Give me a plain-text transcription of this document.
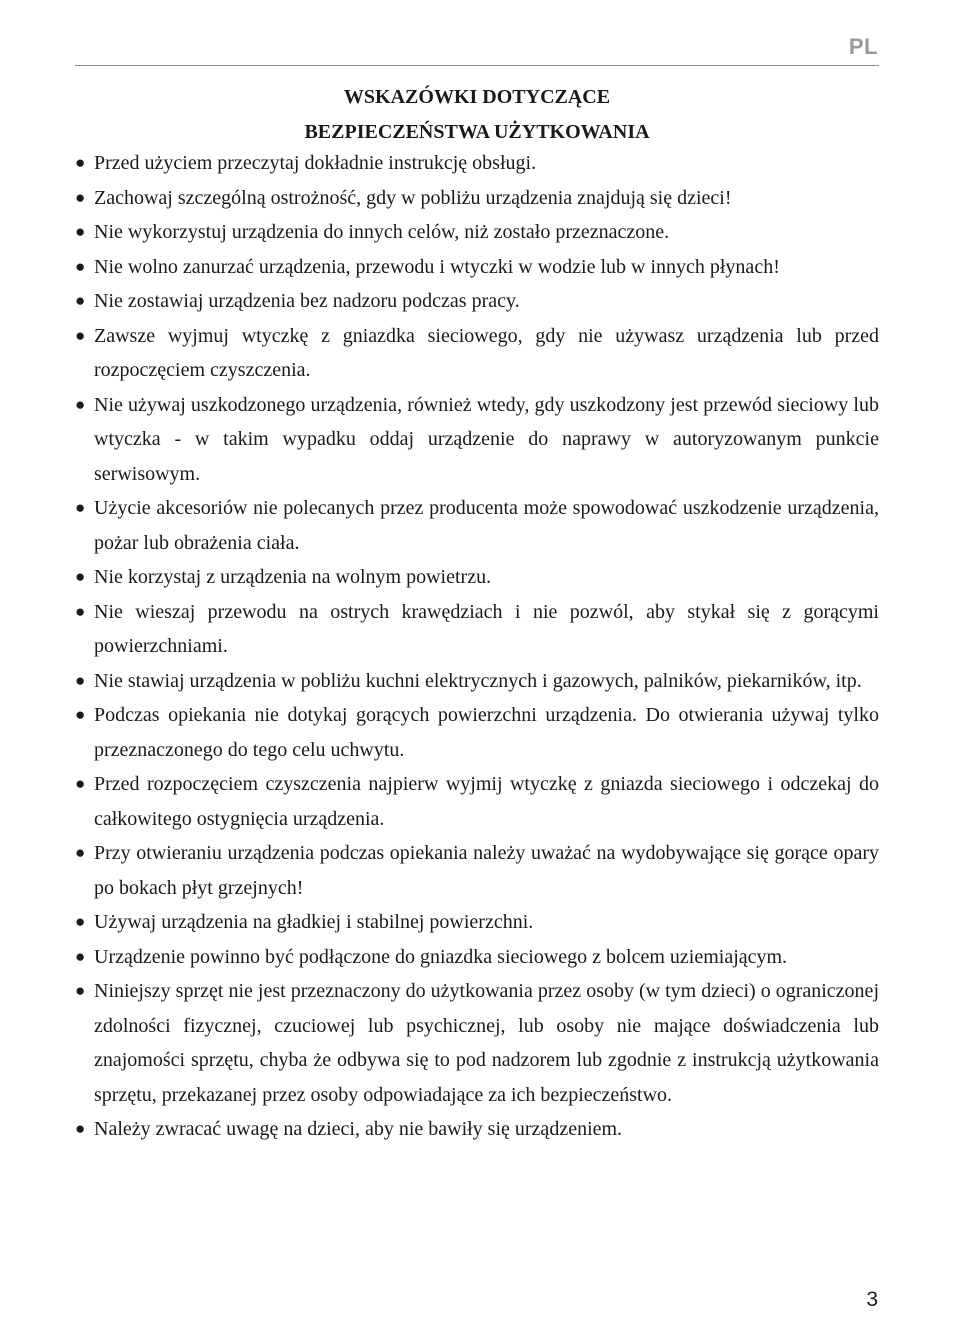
PL
WSKAZÓWKI DOTYCZĄCE
BEZPIECZEŃSTWA UŻYTKOWANIA
● Przed użyciem przeczytaj dokładnie instrukcję obsługi.
● Zachowaj szczególną ostrożność, gdy w pobliżu urządzenia znajdują się dzieci!
● Nie wykorzystuj urządzenia do innych celów, niż zostało przeznaczone.
● Nie wolno zanurzać urządzenia, przewodu i wtyczki w wodzie lub w innych płynach!
● Nie zostawiaj urządzenia bez nadzoru podczas pracy.
● Zawsze wyjmuj wtyczkę z gniazdka sieciowego, gdy nie używasz urządzenia lub przed rozpoczęciem czyszczenia.
● Nie używaj uszkodzonego urządzenia, również wtedy, gdy uszkodzony jest przewód sieciowy lub wtyczka - w takim wypadku oddaj urządzenie do naprawy w autoryzowanym punkcie serwisowym.
● Użycie akcesoriów nie polecanych przez producenta może spowodować uszkodzenie urządzenia, pożar lub obrażenia ciała.
● Nie korzystaj z urządzenia na wolnym powietrzu.
● Nie wieszaj przewodu na ostrych krawędziach i nie pozwól, aby stykał się z gorącymi powierzchniami.
● Nie stawiaj urządzenia w pobliżu kuchni elektrycznych i gazowych, palników, piekarników, itp.
● Podczas opiekania nie dotykaj gorących powierzchni urządzenia. Do otwierania używaj tylko przeznaczonego do tego celu uchwytu.
● Przed rozpoczęciem czyszczenia najpierw wyjmij wtyczkę z gniazda sieciowego i odczekaj do całkowitego ostygnięcia urządzenia.
● Przy otwieraniu urządzenia podczas opiekania należy uważać na wydobywające się gorące opary po bokach płyt grzejnych!
● Używaj urządzenia na gładkiej i stabilnej powierzchni.
● Urządzenie powinno być podłączone do gniazdka sieciowego z bolcem uziemiającym.
● Niniejszy sprzęt nie jest przeznaczony do użytkowania przez osoby (w tym dzieci) o ograniczonej zdolności fizycznej, czuciowej lub psychicznej, lub osoby nie mające doświadczenia lub znajomości sprzętu, chyba że odbywa się to pod nadzorem lub zgodnie z instrukcją użytkowania sprzętu, przekazanej przez osoby odpowiadające za ich bezpieczeństwo.
● Należy zwracać uwagę na dzieci, aby nie bawiły się urządzeniem.
3
